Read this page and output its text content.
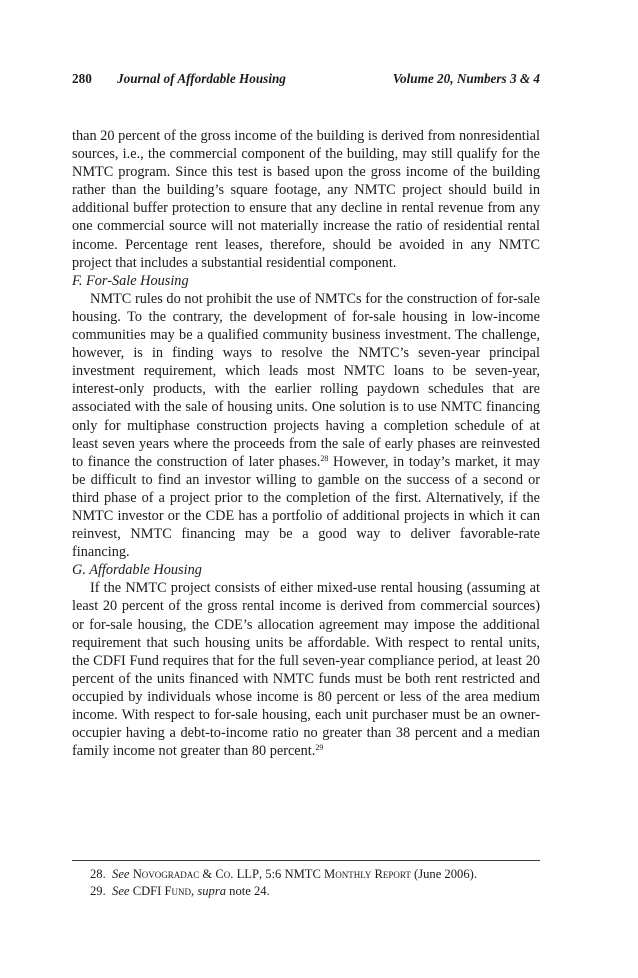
280 Journal of Affordable Housing	Volume 20, Numbers 3 & 4

than 20 percent of the gross income of the building is derived from nonresidential sources, i.e., the commercial component of the building, may still qualify for the NMTC program. Since this test is based upon the gross income of the building rather than the building’s square footage, any NMTC project should build in additional buffer protection to ensure that any decline in rental revenue from any one commercial source will not materially increase the ratio of residential rental income. Percentage rent leases, therefore, should be avoided in any NMTC project that includes a substantial residential component.

F. For-Sale Housing

NMTC rules do not prohibit the use of NMTCs for the construction of for-sale housing. To the contrary, the development of for-sale housing in low-income communities may be a qualified community business investment. The challenge, however, is in finding ways to resolve the NMTC’s seven-year principal investment requirement, which leads most NMTC loans to be seven-year, interest-only products, with the earlier rolling paydown schedules that are associated with the sale of housing units. One solution is to use NMTC financing only for multiphase construction projects having a completion schedule of at least seven years where the proceeds from the sale of early phases are reinvested to finance the construction of later phases.$^{28}$ However, in today’s market, it may be difficult to find an investor willing to gamble on the success of a second or third phase of a project prior to the completion of the first. Alternatively, if the NMTC investor or the CDE has a portfolio of additional projects in which it can reinvest, NMTC financing may be a good way to deliver favorable-rate financing.

G. Affordable Housing

If the NMTC project consists of either mixed-use rental housing (assuming at least 20 percent of the gross rental income is derived from commercial sources) or for-sale housing, the CDE’s allocation agreement may impose the additional requirement that such housing units be affordable. With respect to rental units, the CDFI Fund requires that for the full seven-year compliance period, at least 20 percent of the units financed with NMTC funds must be both rent restricted and occupied by individuals whose income is 80 percent or less of the area medium income. With respect to for-sale housing, each unit purchaser must be an owner-occupier having a debt-to-income ratio no greater than 38 percent and a median family income not greater than 80 percent.$^{29}$

28. See Novogradac & Co. LLP, 5:6 NMTC Monthly Report (June 2006).
29. See CDFI Fund, supra note 24.
